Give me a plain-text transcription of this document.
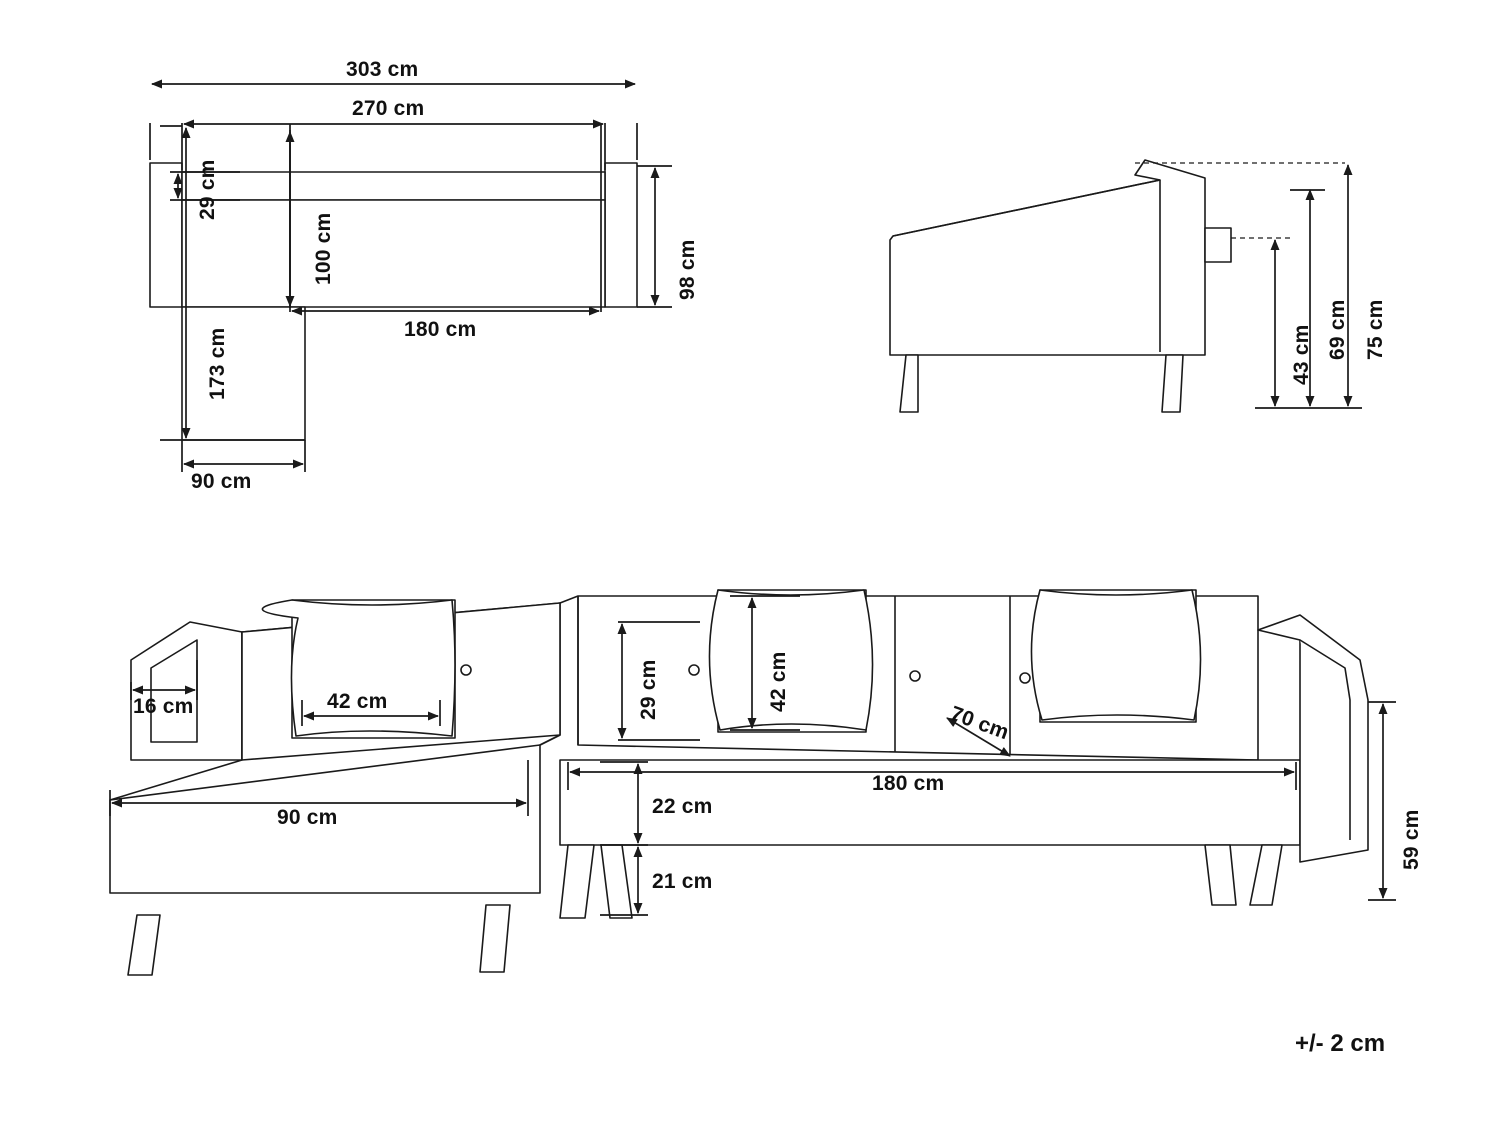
303 cm
270 cm
180 cm
29 cm
100 cm
173 cm
98 cm
90 cm
43 cm 69 cm 75 cm
16 cm	42 cm
90 cm
29 cm	42 cm
70 cm
180 cm
22 cm
21 cm
59 cm
+/- 2 cm
